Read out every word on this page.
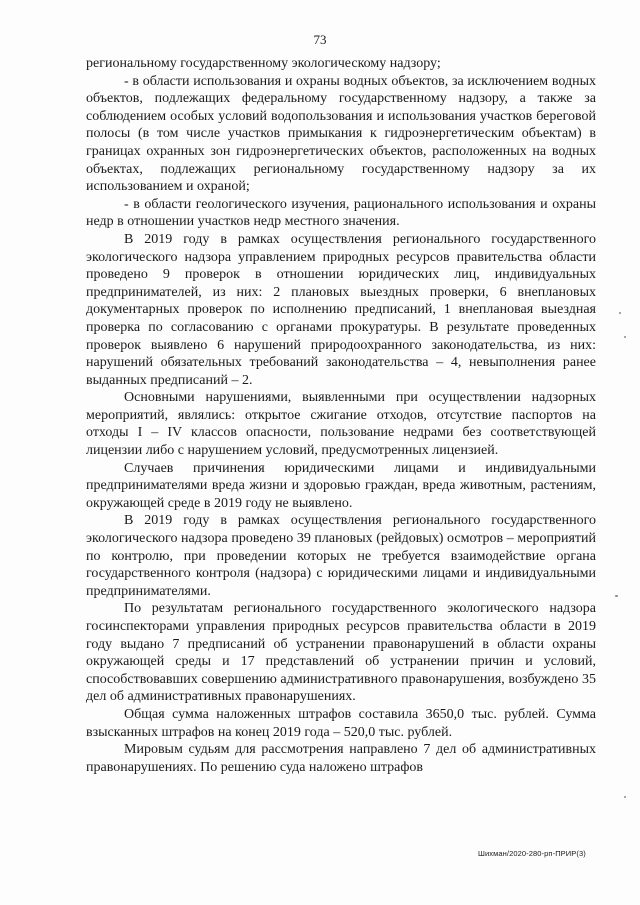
73

региональному государственному экологическому надзору;

- в области использования и охраны водных объектов, за исключением водных объектов, подлежащих федеральному государственному надзору, а также за соблюдением особых условий водопользования и использования участков береговой полосы (в том числе участков примыкания к гидроэнергетическим объектам) в границах охранных зон гидроэнергетических объектов, расположенных на водных объектах, подлежащих региональному государственному надзору за их использованием и охраной;

- в области геологического изучения, рационального использования и охраны недр в отношении участков недр местного значения.

В 2019 году в рамках осуществления регионального государственного экологического надзора управлением природных ресурсов правительства области проведено 9 проверок в отношении юридических лиц, индивидуальных предпринимателей, из них: 2 плановых выездных проверки, 6 внеплановых документарных проверок по исполнению предписаний, 1 внеплановая выездная проверка по согласованию с органами прокуратуры. В результате проведенных проверок выявлено 6 нарушений природоохранного законодательства, из них: нарушений обязательных требований законодательства – 4, невыполнения ранее выданных предписаний – 2.

Основными нарушениями, выявленными при осуществлении надзорных мероприятий, являлись: открытое сжигание отходов, отсутствие паспортов на отходы I – IV классов опасности, пользование недрами без соответствующей лицензии либо с нарушением условий, предусмотренных лицензией.

Случаев причинения юридическими лицами и индивидуальными предпринимателями вреда жизни и здоровью граждан, вреда животным, растениям, окружающей среде в 2019 году не выявлено.

В 2019 году в рамках осуществления регионального государственного экологического надзора проведено 39 плановых (рейдовых) осмотров – мероприятий по контролю, при проведении которых не требуется взаимодействие органа государственного контроля (надзора) с юридическими лицами и индивидуальными предпринимателями.

По результатам регионального государственного экологического надзора госинспекторами управления природных ресурсов правительства области в 2019 году выдано 7 предписаний об устранении правонарушений в области охраны окружающей среды и 17 представлений об устранении причин и условий, способствовавших совершению административного правонарушения, возбуждено 35 дел об административных правонарушениях.

Общая сумма наложенных штрафов составила 3650,0 тыс. рублей. Сумма взысканных штрафов на конец 2019 года – 520,0 тыс. рублей.

Мировым судьям для рассмотрения направлено 7 дел об административных правонарушениях. По решению суда наложено штрафов

Шихман/2020-280-рп-ПРИР(3)
